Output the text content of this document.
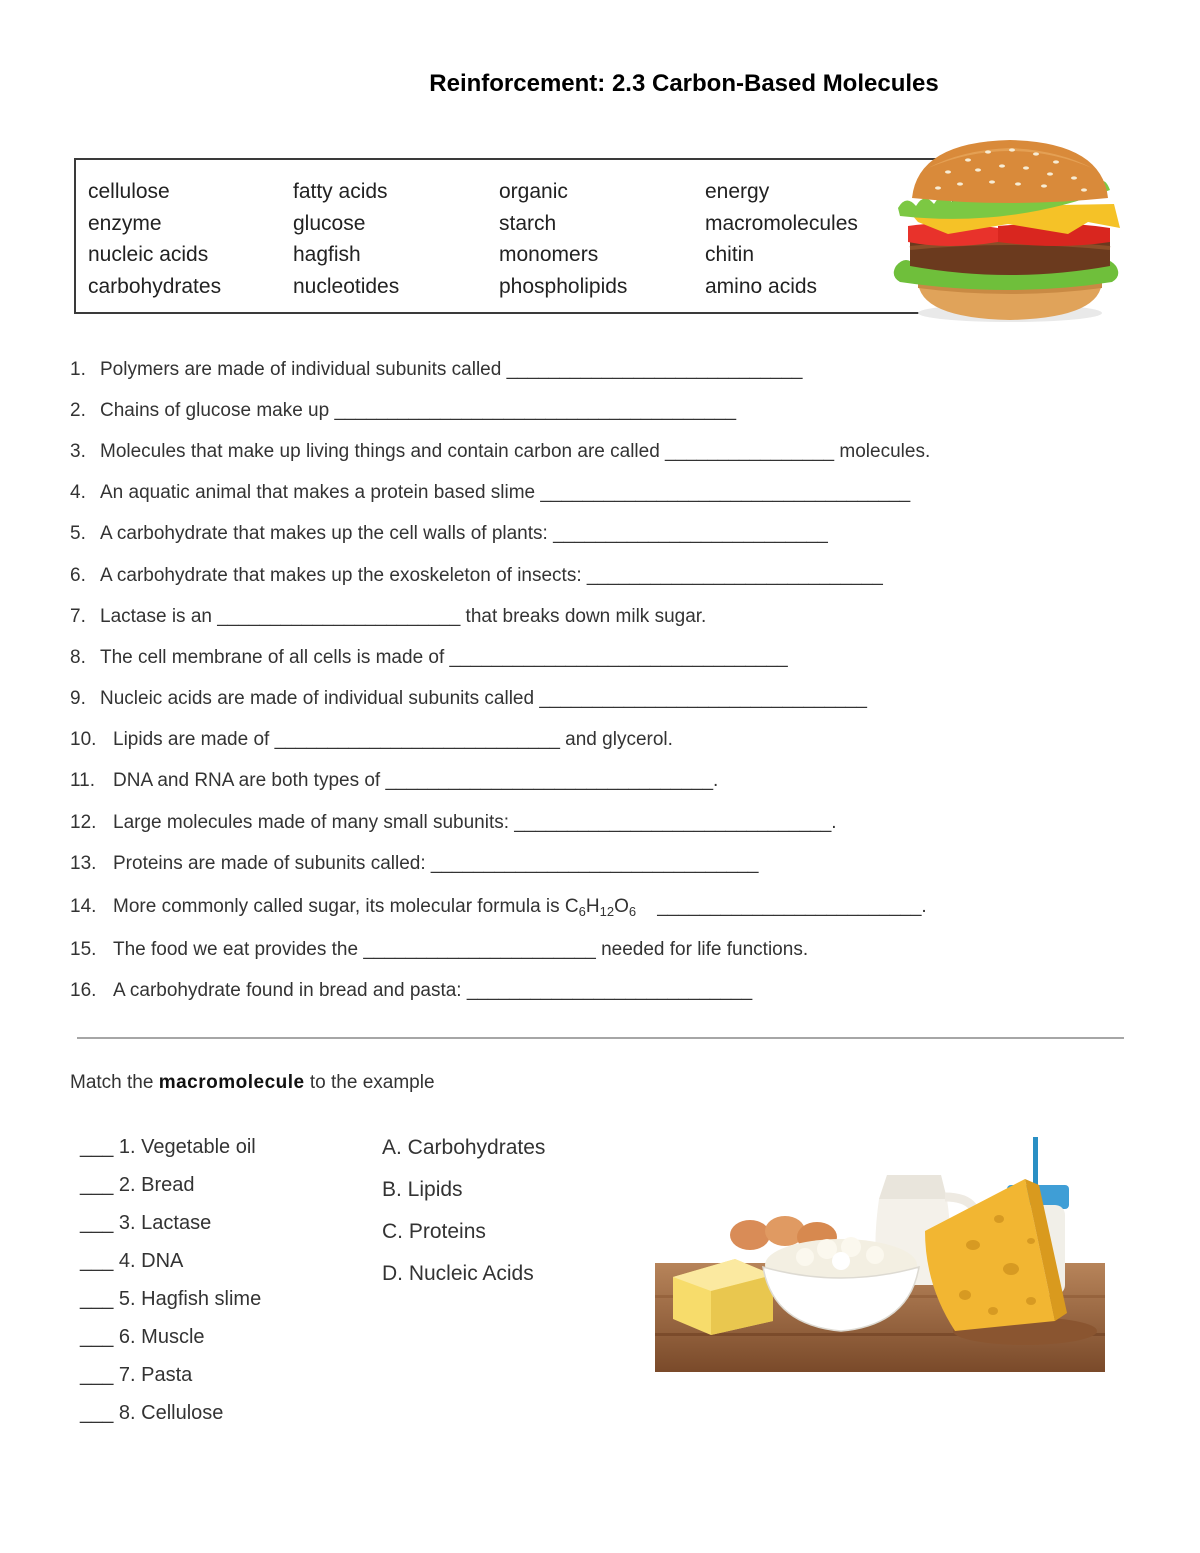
Reinforcement: 2.3 Carbon-Based Molecules
cellulose
enzyme
nucleic acids
carbohydrates
fatty acids
glucose
hagfish
nucleotides
organic
starch
monomers
phospholipids
energy
macromolecules
chitin
amino acids
1. Polymers are made of individual subunits called ____________________________
2. Chains of glucose make up ______________________________________
3. Molecules that make up living things and contain carbon are called ________________ molecules.
4. An aquatic animal that makes a protein based slime ___________________________________
5. A carbohydrate that makes up the cell walls of plants: __________________________
6. A carbohydrate that makes up the exoskeleton of insects: ____________________________
7. Lactase is an _______________________ that breaks down milk sugar.
8. The cell membrane of all cells is made of ________________________________
9. Nucleic acids are made of individual subunits called _______________________________
10. Lipids are made of ___________________________ and glycerol.
11. DNA and RNA are both types of _______________________________.
12. Large molecules made of many small subunits: ______________________________.
13. Proteins are made of subunits called: _______________________________
14. More commonly called sugar, its molecular formula is $C_6H_{12}O_6$    _________________________.
15. The food we eat provides the ______________________ needed for life functions.
16. A carbohydrate found in bread and pasta: ___________________________
Match the macromolecule to the example
___ 1. Vegetable oil
___ 2. Bread
___ 3. Lactase
___ 4. DNA
___ 5. Hagfish slime
___ 6. Muscle
___ 7. Pasta
___ 8. Cellulose
A. Carbohydrates
B. Lipids
C. Proteins
D. Nucleic Acids
